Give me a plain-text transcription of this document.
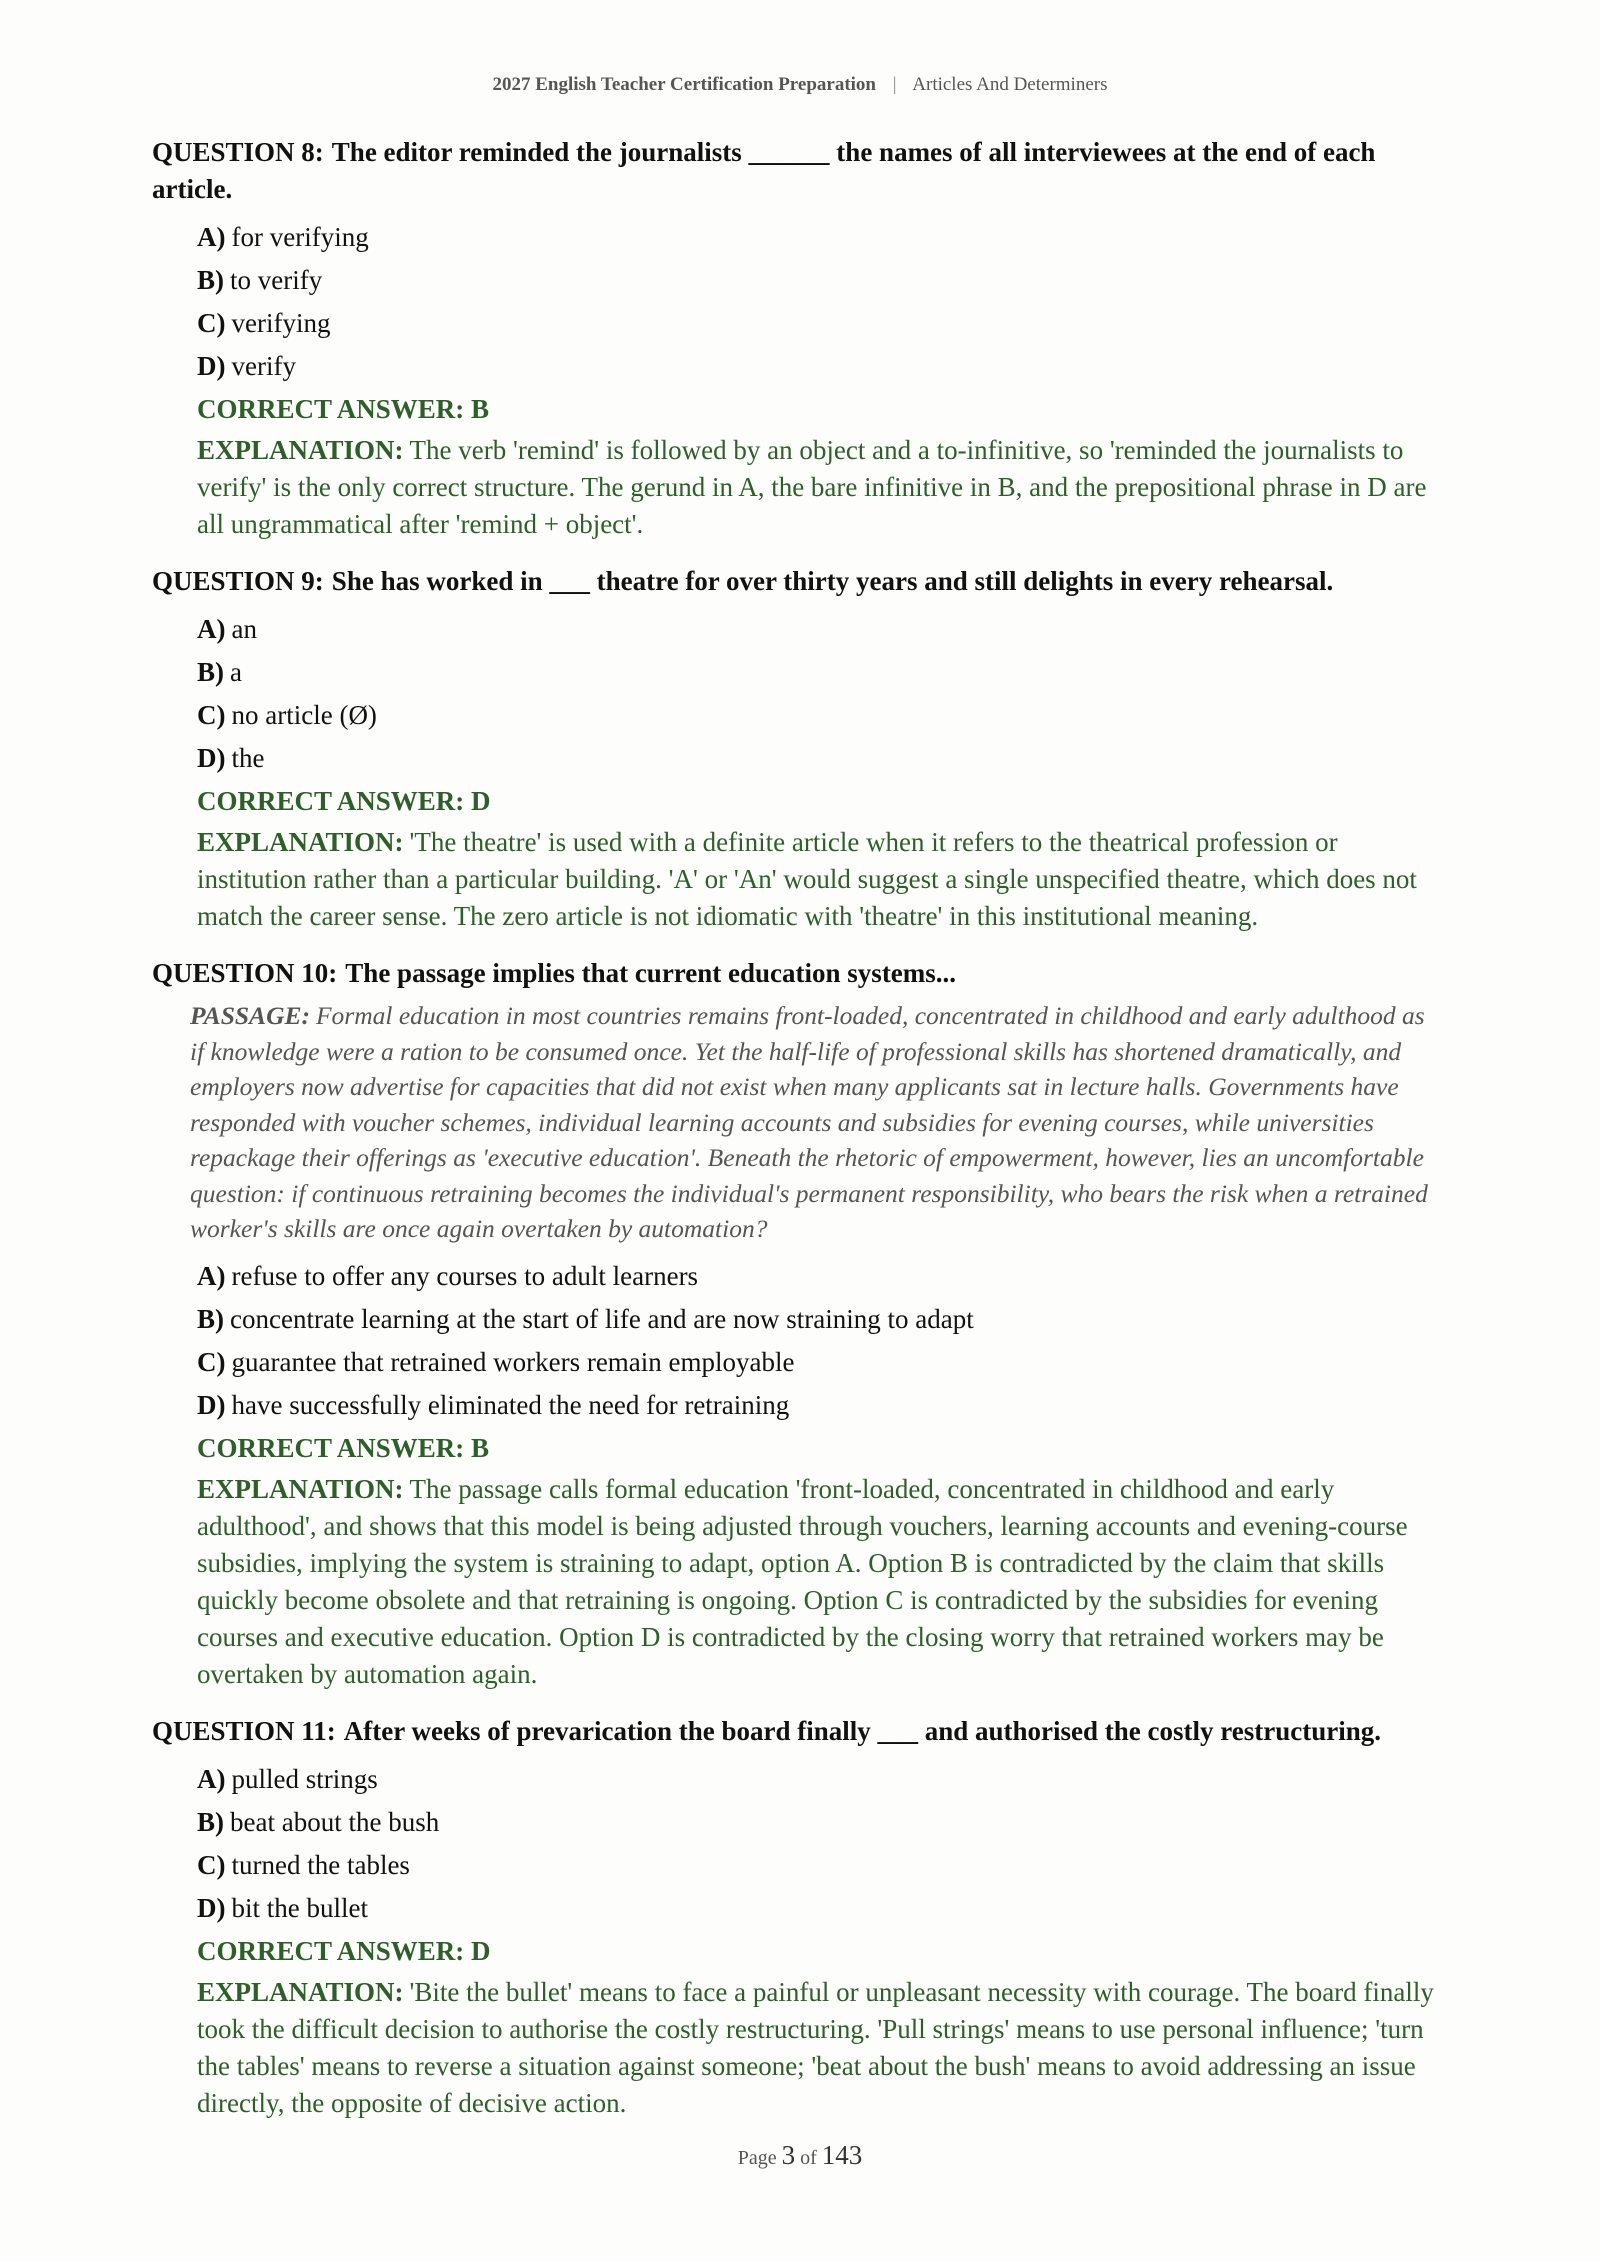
2027 English Teacher Certification Preparation | Articles And Determiners
QUESTION 8: The editor reminded the journalists ______ the names of all interviewees at the end of each article.
A) for verifying
B) to verify
C) verifying
D) verify
CORRECT ANSWER: B
EXPLANATION: The verb 'remind' is followed by an object and a to-infinitive, so 'reminded the journalists to verify' is the only correct structure. The gerund in A, the bare infinitive in B, and the prepositional phrase in D are all ungrammatical after 'remind + object'.
QUESTION 9: She has worked in ___ theatre for over thirty years and still delights in every rehearsal.
A) an
B) a
C) no article (Ø)
D) the
CORRECT ANSWER: D
EXPLANATION: 'The theatre' is used with a definite article when it refers to the theatrical profession or institution rather than a particular building. 'A' or 'An' would suggest a single unspecified theatre, which does not match the career sense. The zero article is not idiomatic with 'theatre' in this institutional meaning.
QUESTION 10: The passage implies that current education systems...
PASSAGE: Formal education in most countries remains front-loaded, concentrated in childhood and early adulthood as if knowledge were a ration to be consumed once. Yet the half-life of professional skills has shortened dramatically, and employers now advertise for capacities that did not exist when many applicants sat in lecture halls. Governments have responded with voucher schemes, individual learning accounts and subsidies for evening courses, while universities repackage their offerings as 'executive education'. Beneath the rhetoric of empowerment, however, lies an uncomfortable question: if continuous retraining becomes the individual's permanent responsibility, who bears the risk when a retrained worker's skills are once again overtaken by automation?
A) refuse to offer any courses to adult learners
B) concentrate learning at the start of life and are now straining to adapt
C) guarantee that retrained workers remain employable
D) have successfully eliminated the need for retraining
CORRECT ANSWER: B
EXPLANATION: The passage calls formal education 'front-loaded, concentrated in childhood and early adulthood', and shows that this model is being adjusted through vouchers, learning accounts and evening-course subsidies, implying the system is straining to adapt, option A. Option B is contradicted by the claim that skills quickly become obsolete and that retraining is ongoing. Option C is contradicted by the subsidies for evening courses and executive education. Option D is contradicted by the closing worry that retrained workers may be overtaken by automation again.
QUESTION 11: After weeks of prevarication the board finally ___ and authorised the costly restructuring.
A) pulled strings
B) beat about the bush
C) turned the tables
D) bit the bullet
CORRECT ANSWER: D
EXPLANATION: 'Bite the bullet' means to face a painful or unpleasant necessity with courage. The board finally took the difficult decision to authorise the costly restructuring. 'Pull strings' means to use personal influence; 'turn the tables' means to reverse a situation against someone; 'beat about the bush' means to avoid addressing an issue directly, the opposite of decisive action.
Page 3 of 143
